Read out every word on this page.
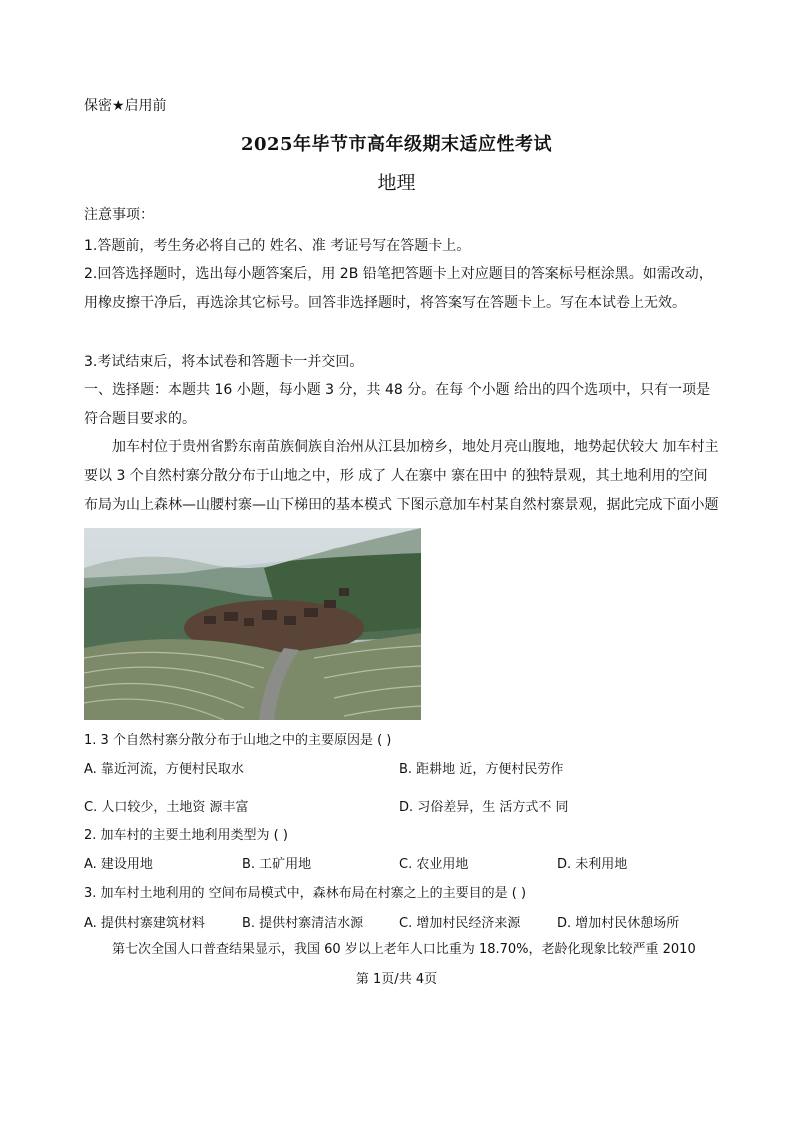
保密★启用前
2025年毕节市高年级期末适应性考试
地理
注意事项：
1.答题前，考生务必将自己的 姓名、准 考证号写在答题卡上。
2.回答选择题时，选出每小题答案后，用 2B 铅笔把答题卡上对应题目的答案标号框涂黑。如需改动，用橡皮擦干净后，再选涂其它标号。回答非选择题时，将答案写在答题卡上。写在本试卷上无效。
3.考试结束后，将本试卷和答题卡一并交回。
一、选择题：本题共 16 小题，每小题 3 分，共 48 分。在每 个小题 给出的四个选项中，只有一项是符合题目要求的。
加车村位于贵州省黔东南苗族侗族自治州从江县加榜乡，地处月亮山腹地，地势起伏较大 加车村主要以 3 个自然村寨分散分布于山地之中，形 成了 人在寨中 寨在田中 的独特景观，其土地利用的空间布局为山上森林—山腰村寨—山下梯田的基本模式 下图示意加车村某自然村寨景观，据此完成下面小题
1. 3 个自然村寨分散分布于山地之中的主要原因是 ( )
A. 靠近河流，方便村民取水	B. 距耕地 近，方便村民劳作
C. 人口较少，土地资 源丰富	D. 习俗差异，生 活方式不 同
2. 加车村的主要土地利用类型为 ( )
A. 建设用地	B. 工矿用地	C. 农业用地	D. 未利用地
3. 加车村土地利用的 空间布局模式中，森林布局在村寨之上的主要目的是 ( )
A. 提供村寨建筑材料	B. 提供村寨清洁水源	C. 增加村民经济来源	D. 增加村民休憩场所
第七次全国人口普查结果显示，我国 60 岁以上老年人口比重为 18.70%，老龄化现象比较严重 2010
第 1页/共 4页
